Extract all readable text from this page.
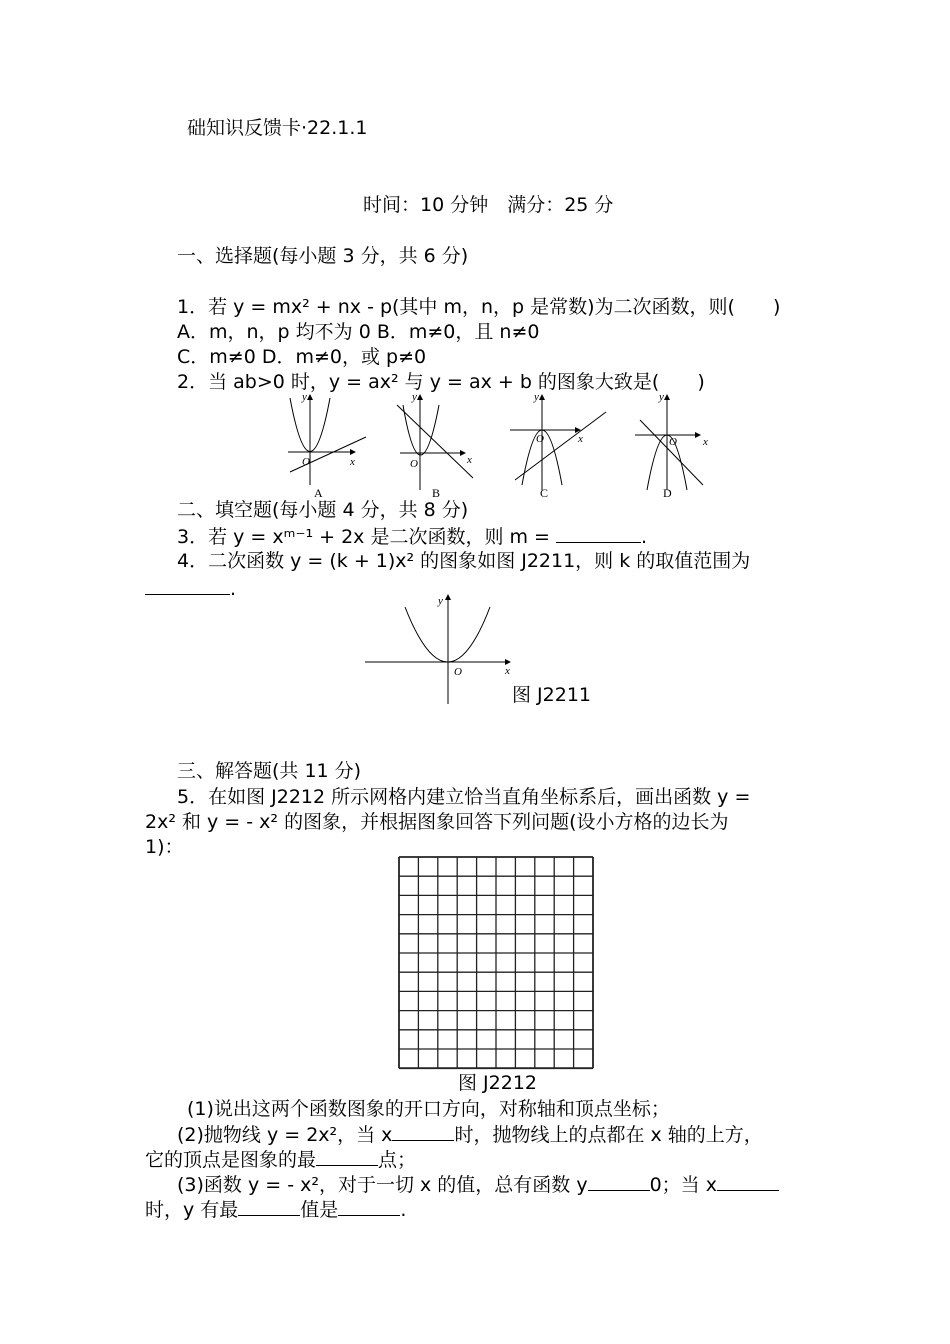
础知识反馈卡·22.1.1
时间：10 分钟　满分：25 分
一、选择题(每小题 3 分，共 6 分)
1．若 y = mx² + nx - p(其中 m，n，p 是常数)为二次函数，则(　　)
A．m，n，p 均不为 0 B．m≠0，且 n≠0
C．m≠0 D．m≠0，或 p≠0
2．当 ab>0 时，y = ax² 与 y = ax + b 的图象大致是(　　)
O	x
y
O	x
y
O	x
y
O x
y
A	B	C	D
二、填空题(每小题 4 分，共 8 分)
3．若 y = xᵐ⁻¹ + 2x 是二次函数，则 m =	.
4．二次函数 y = (k + 1)x² 的图象如图 J2211，则 k 的取值范围为
.
O	x
y
图 J2211
三、解答题(共 11 分)
5．在如图 J2212 所示网格内建立恰当直角坐标系后，画出函数 y =
2x² 和 y = - x² 的图象，并根据图象回答下列问题(设小方格的边长为
1)：
图 J2212
(1)说出这两个函数图象的开口方向，对称轴和顶点坐标；
(2)抛物线 y = 2x²，当 x	时，抛物线上的点都在 x 轴的上方，
它的顶点是图象的最	点；
(3)函数 y = - x²，对于一切 x 的值，总有函数 y	0；当 x
时，y 有最	值是	.
